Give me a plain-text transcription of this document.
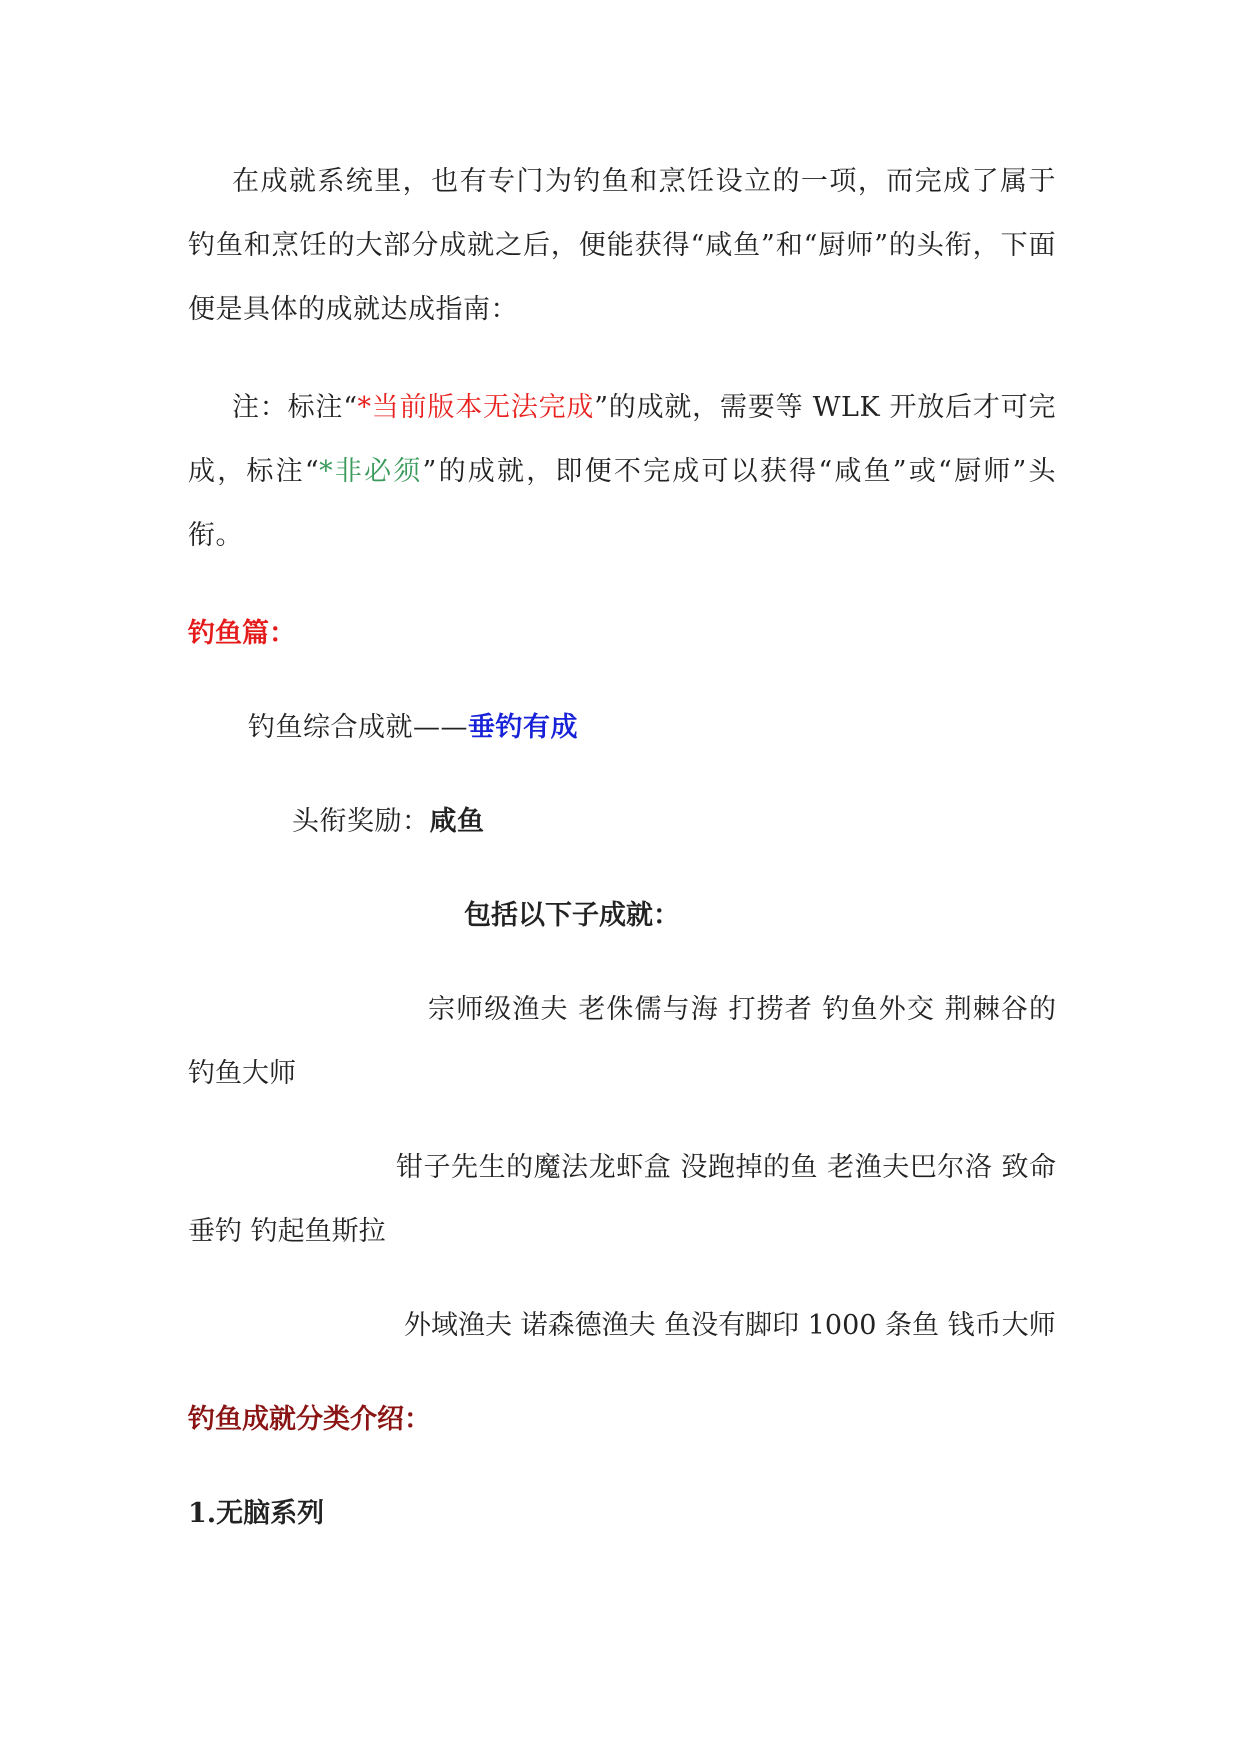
在成就系统里，也有专门为钓鱼和烹饪设立的一项，而完成了属于钓鱼和烹饪的大部分成就之后，便能获得“咸鱼”和“厨师”的头衔，下面便是具体的成就达成指南：

注：标注“*当前版本无法完成”的成就，需要等 WLK 开放后才可完成，标注“*非必须”的成就，即便不完成可以获得“咸鱼”或“厨师”头衔。

钓鱼篇：

钓鱼综合成就——垂钓有成

头衔奖励：咸鱼

包括以下子成就：

宗师级渔夫 老侏儒与海 打捞者 钓鱼外交 荆棘谷的钓鱼大师

钳子先生的魔法龙虾盒 没跑掉的鱼 老渔夫巴尔洛 致命垂钓 钓起鱼斯拉

外域渔夫 诺森德渔夫 鱼没有脚印 1000 条鱼 钱币大师

钓鱼成就分类介绍：

1.无脑系列
